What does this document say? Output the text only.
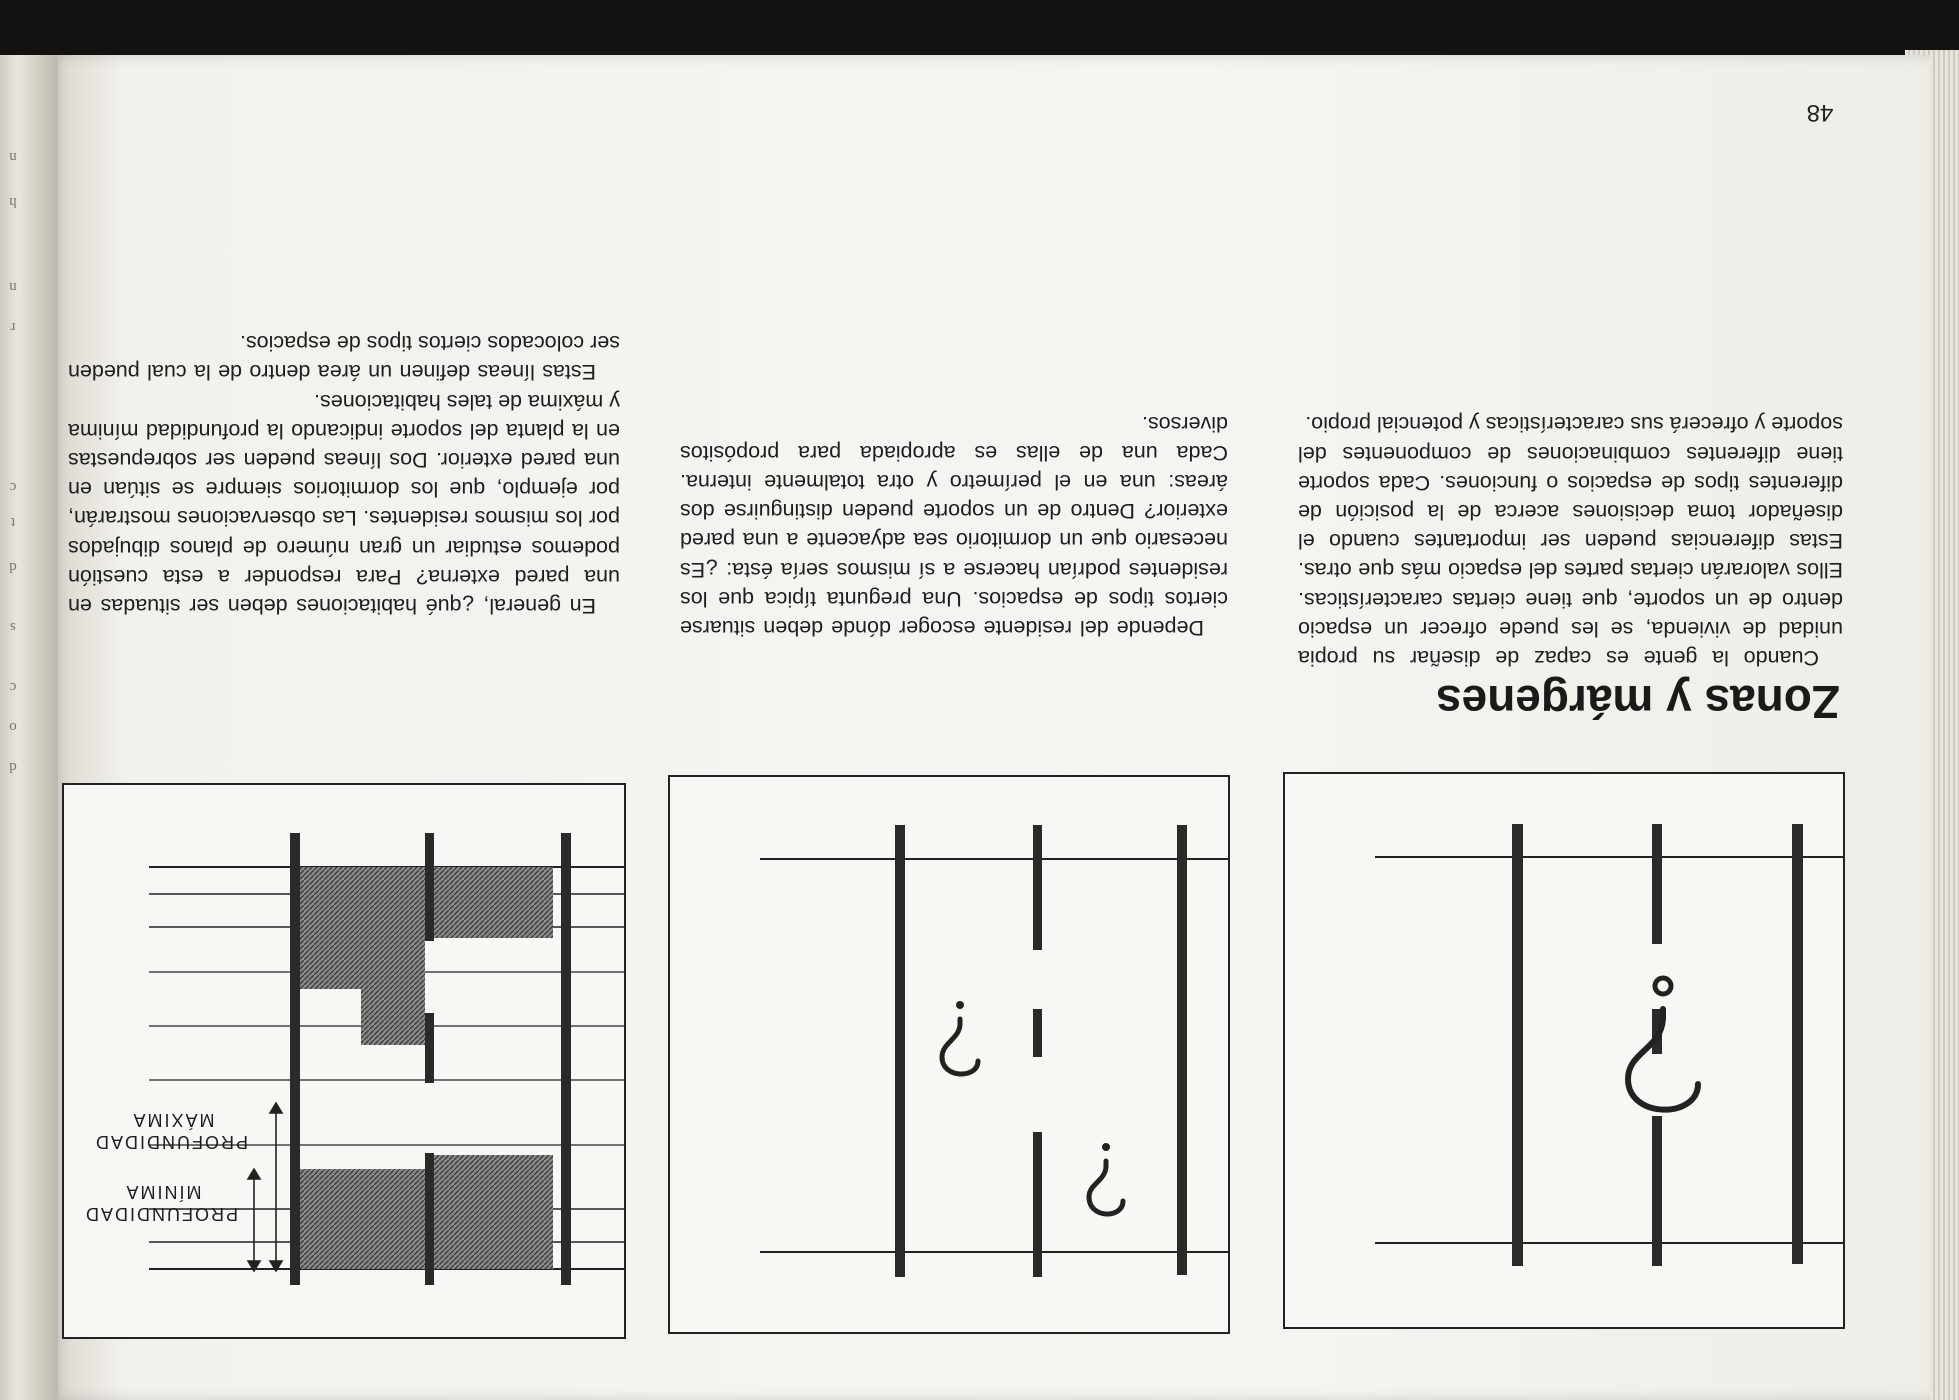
n
h
n
r
c
t
d
s
c
o
d
48
Zonas y márgenes

Cuando la gente es capaz de diseñar su propia unidad de vivienda, se les puede ofrecer un espacio dentro de un soporte, que tiene ciertas características. Ellos valorarán ciertas partes del espacio más que otras. Estas diferencias pueden ser importantes cuando el diseñador toma decisiones acerca de la posición de diferentes tipos de espacios o funciones. Cada soporte tiene diferentes combinaciones de componentes del soporte y ofrecerá sus características y potencial propio.

Depende del residente escoger dónde deben situarse ciertos tipos de espacios. Una pregunta típica que los residentes podrían hacerse a sí mismos sería ésta: ¿Es necesario que un dormitorio sea adyacente a una pared exterior? Dentro de un soporte pueden distinguirse dos áreas: una en el perímetro y otra totalmente interna. Cada una de ellas es apropiada para propósitos diversos.

En general, ¿qué habitaciones deben ser situadas en una pared externa? Para responder a esta cuestión podemos estudiar un gran número de planos dibujados por los mismos residentes. Las observaciones mostrarán, por ejemplo, que los dormitorios siempre se sitúan en una pared exterior. Dos líneas pueden ser sobrepuestas en la planta del soporte indicando la profundidad mínima y máxima de tales habitaciones.

Estas líneas definen un área dentro de la cual pueden ser colocados ciertos tipos de espacios.

PROFUNDIDAD
MÍNIMA
PROFUNDIDAD
MÁXIMA
